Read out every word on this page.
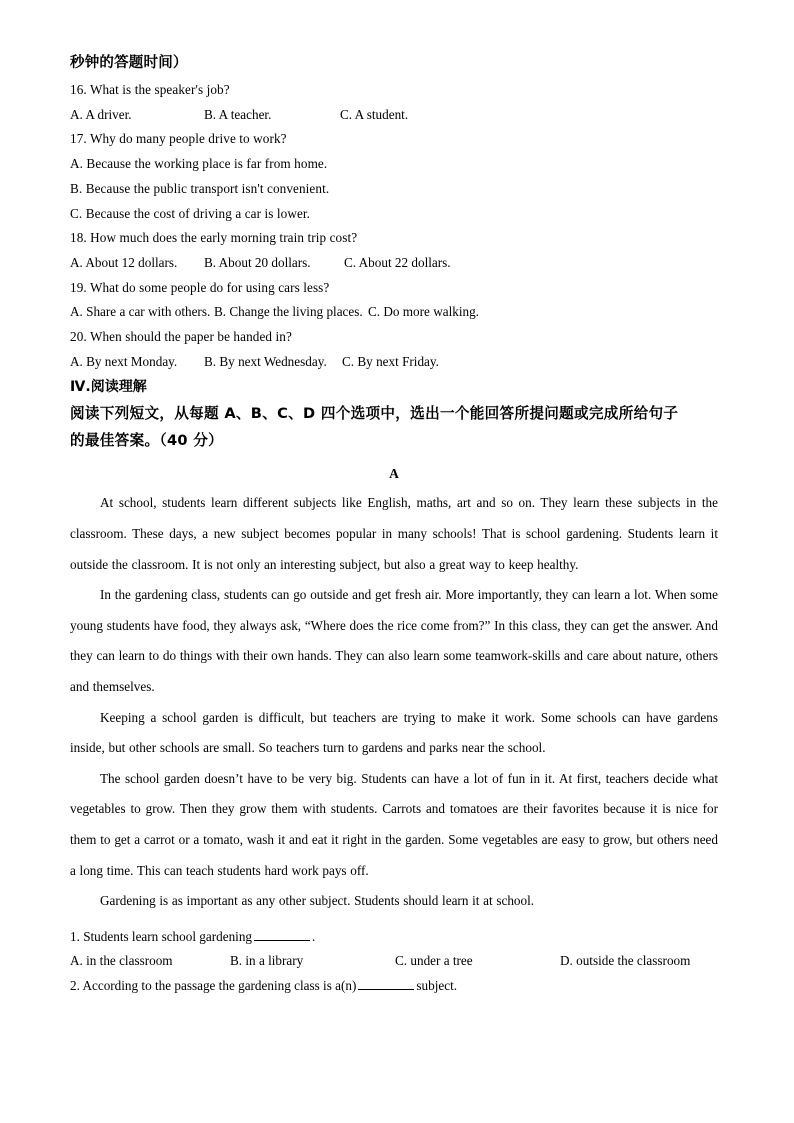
秒钟的答题时间）
16. What is the speaker's job?
A. A driver.	B. A teacher.	C. A student.
17. Why do many people drive to work?
A. Because the working place is far from home.
B. Because the public transport isn't convenient.
C. Because the cost of driving a car is lower.
18. How much does the early morning train trip cost?
A. About 12 dollars. B. About 20 dollars.	C. About 22 dollars.
19. What do some people do for using cars less?
A. Share a car with others. B. Change the living places. C. Do more walking.
20. When should the paper be handed in?
A. By next Monday. B. By next Wednesday. C. By next Friday.
Ⅳ.阅读理解
阅读下列短文，从每题 A、B、C、D 四个选项中，选出一个能回答所提问题或完成所给句子
的最佳答案。（40 分）
A

At school, students learn different subjects like English, maths, art and so on. They learn these subjects in the classroom. These days, a new subject becomes popular in many schools! That is school gardening. Students learn it outside the classroom. It is not only an interesting subject, but also a great way to keep healthy.

In the gardening class, students can go outside and get fresh air. More importantly, they can learn a lot. When some young students have food, they always ask, “Where does the rice come from?” In this class, they can get the answer. And they can learn to do things with their own hands. They can also learn some teamwork-skills and care about nature, others and themselves.

Keeping a school garden is difficult, but teachers are trying to make it work. Some schools can have gardens inside, but other schools are small. So teachers turn to gardens and parks near the school.

The school garden doesn’t have to be very big. Students can have a lot of fun in it. At first, teachers decide what vegetables to grow. Then they grow them with students. Carrots and tomatoes are their favorites because it is nice for them to get a carrot or a tomato, wash it and eat it right in the garden. Some vegetables are easy to grow, but others need a long time. This can teach students hard work pays off.

Gardening is as important as any other subject. Students should learn it at school.

1. Students learn school gardening	.
A. in the classroom	B. in a library	C. under a tree	D. outside the classroom
2. According to the passage the gardening class is a(n)	subject.
